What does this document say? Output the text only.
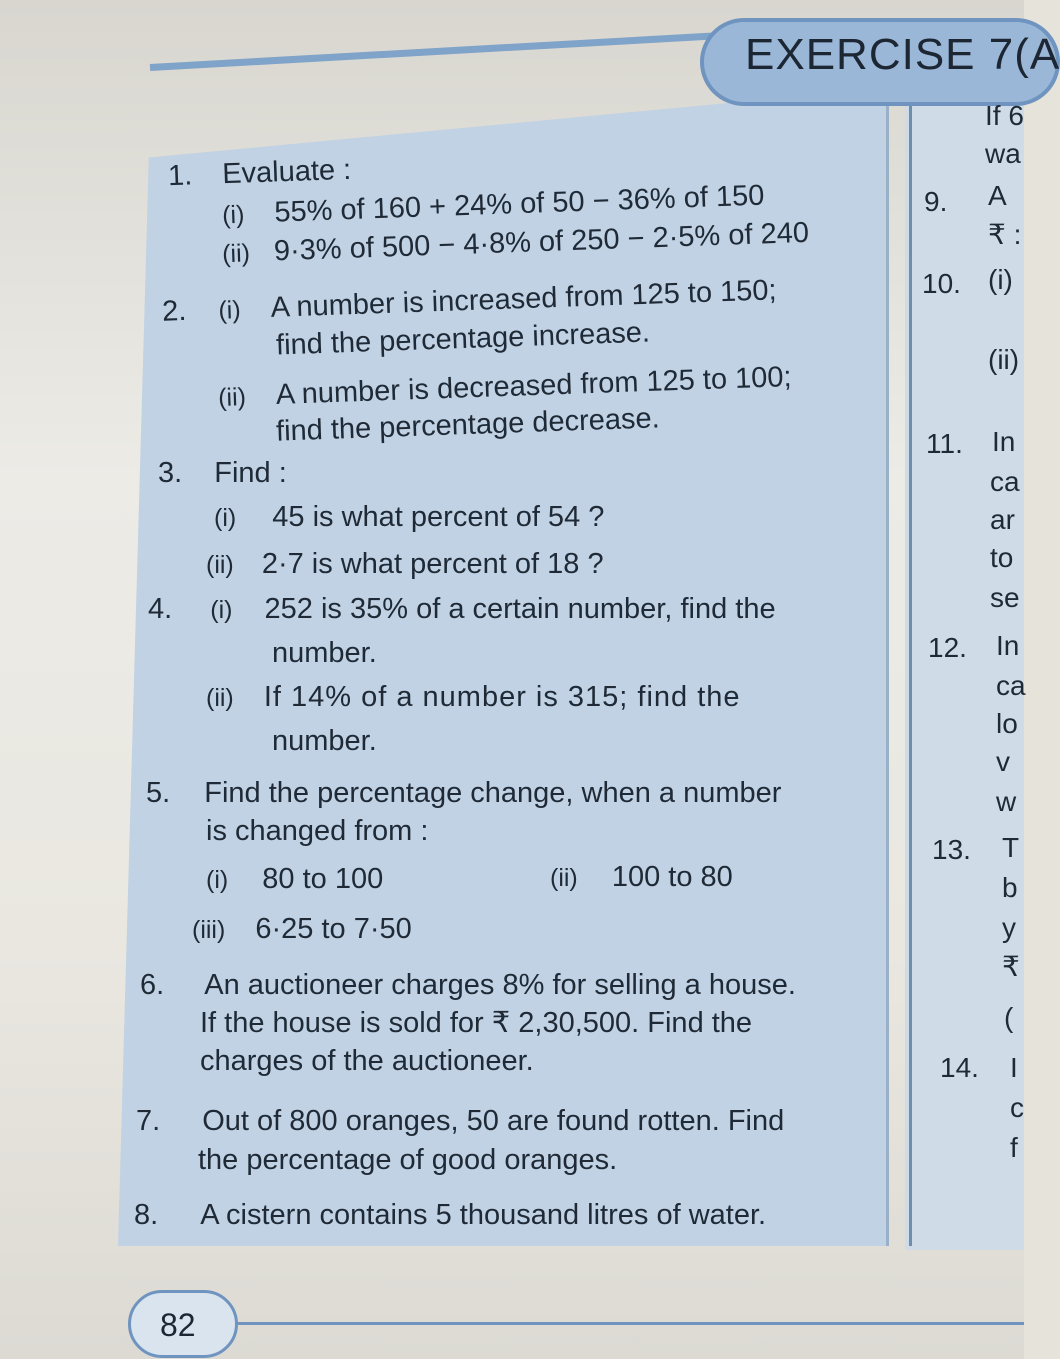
EXERCISE 7(A
1. Evaluate :
(i) 55% of 160 + 24% of 50 − 36% of 150
(ii) 9·3% of 500 − 4·8% of 250 − 2·5% of 240
2. (i) A number is increased from 125 to 150;
find the percentage increase.
(ii) A number is decreased from 125 to 100;
find the percentage decrease.
3. Find :
(i) 45 is what percent of 54 ?
(ii) 2·7 is what percent of 18 ?
4. (i) 252 is 35% of a certain number, find the
number.
(ii) If 14% of a number is 315; find the
number.
5. Find the percentage change, when a number
is changed from :
(i) 80 to 100	(ii) 100 to 80
(iii) 6·25 to 7·50
6. An auctioneer charges 8% for selling a house.
If the house is sold for ₹ 2,30,500. Find the
charges of the auctioneer.
7. Out of 800 oranges, 50 are found rotten. Find
the percentage of good oranges.
8. A cistern contains 5 thousand litres of water.
If 6
wa
9. A
₹ :
10. (i)
(ii)
11. In
ca
ar
to
se
12. In
ca
lo
v
w
13. T
b
y
₹
(
14. I
c
f
82
